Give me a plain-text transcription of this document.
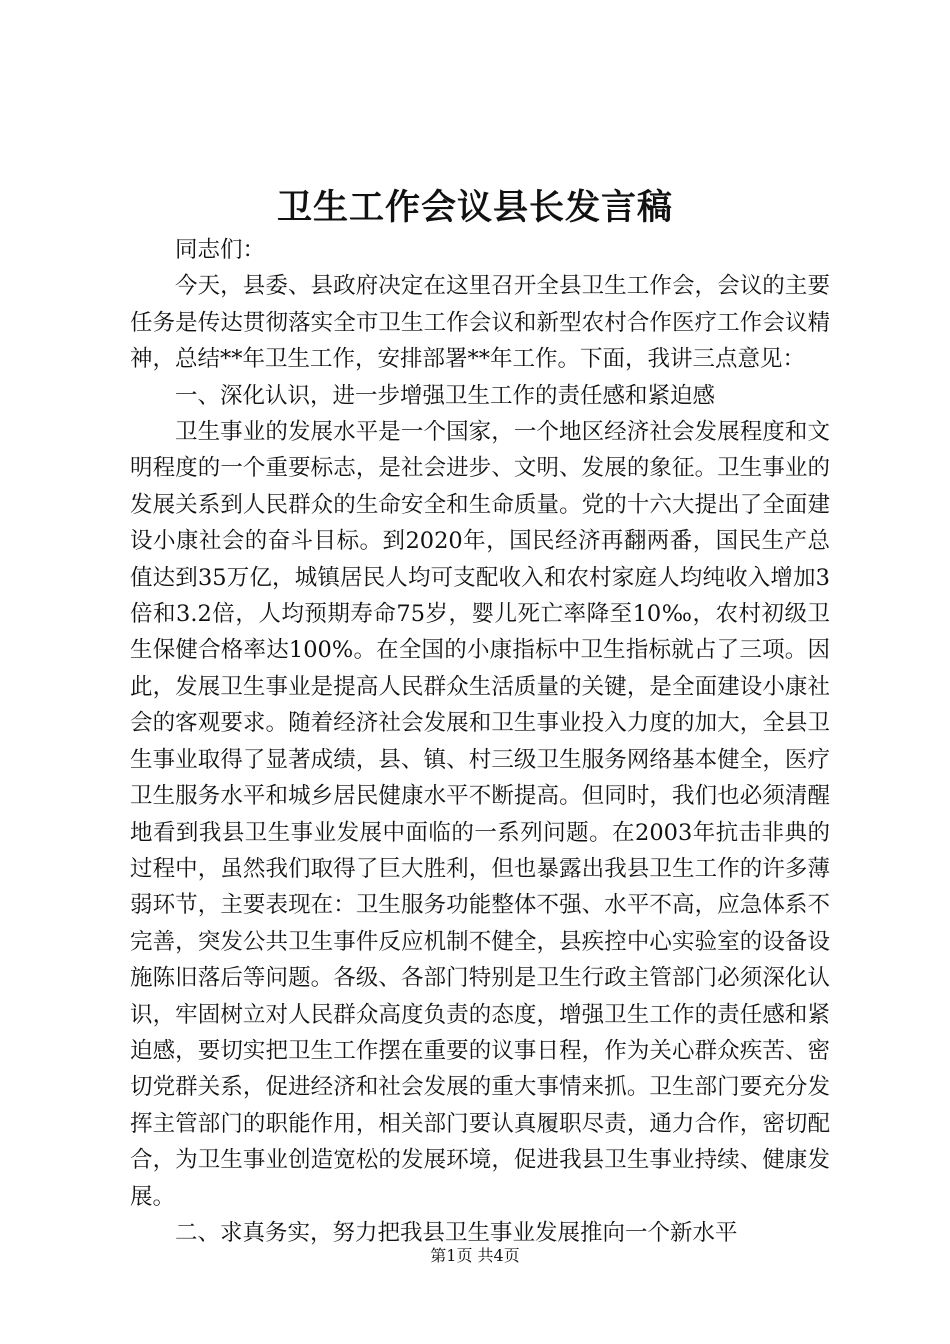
卫生工作会议县长发言稿

同志们：

今天，县委、县政府决定在这里召开全县卫生工作会，会议的主要任务是传达贯彻落实全市卫生工作会议和新型农村合作医疗工作会议精神，总结**年卫生工作，安排部署**年工作。下面，我讲三点意见：

一、深化认识，进一步增强卫生工作的责任感和紧迫感

卫生事业的发展水平是一个国家，一个地区经济社会发展程度和文明程度的一个重要标志，是社会进步、文明、发展的象征。卫生事业的发展关系到人民群众的生命安全和生命质量。党的十六大提出了全面建设小康社会的奋斗目标。到2020年，国民经济再翻两番，国民生产总值达到35万亿，城镇居民人均可支配收入和农村家庭人均纯收入增加3倍和3.2倍，人均预期寿命75岁，婴儿死亡率降至10‰，农村初级卫生保健合格率达100%。在全国的小康指标中卫生指标就占了三项。因此，发展卫生事业是提高人民群众生活质量的关键，是全面建设小康社会的客观要求。随着经济社会发展和卫生事业投入力度的加大，全县卫生事业取得了显著成绩，县、镇、村三级卫生服务网络基本健全，医疗卫生服务水平和城乡居民健康水平不断提高。但同时，我们也必须清醒地看到我县卫生事业发展中面临的一系列问题。在2003年抗击非典的过程中，虽然我们取得了巨大胜利，但也暴露出我县卫生工作的许多薄弱环节，主要表现在：卫生服务功能整体不强、水平不高，应急体系不完善，突发公共卫生事件反应机制不健全，县疾控中心实验室的设备设施陈旧落后等问题。各级、各部门特别是卫生行政主管部门必须深化认识，牢固树立对人民群众高度负责的态度，增强卫生工作的责任感和紧迫感，要切实把卫生工作摆在重要的议事日程，作为关心群众疾苦、密切党群关系，促进经济和社会发展的重大事情来抓。卫生部门要充分发挥主管部门的职能作用，相关部门要认真履职尽责，通力合作，密切配合，为卫生事业创造宽松的发展环境，促进我县卫生事业持续、健康发展。

二、求真务实，努力把我县卫生事业发展推向一个新水平

第1页 共4页
